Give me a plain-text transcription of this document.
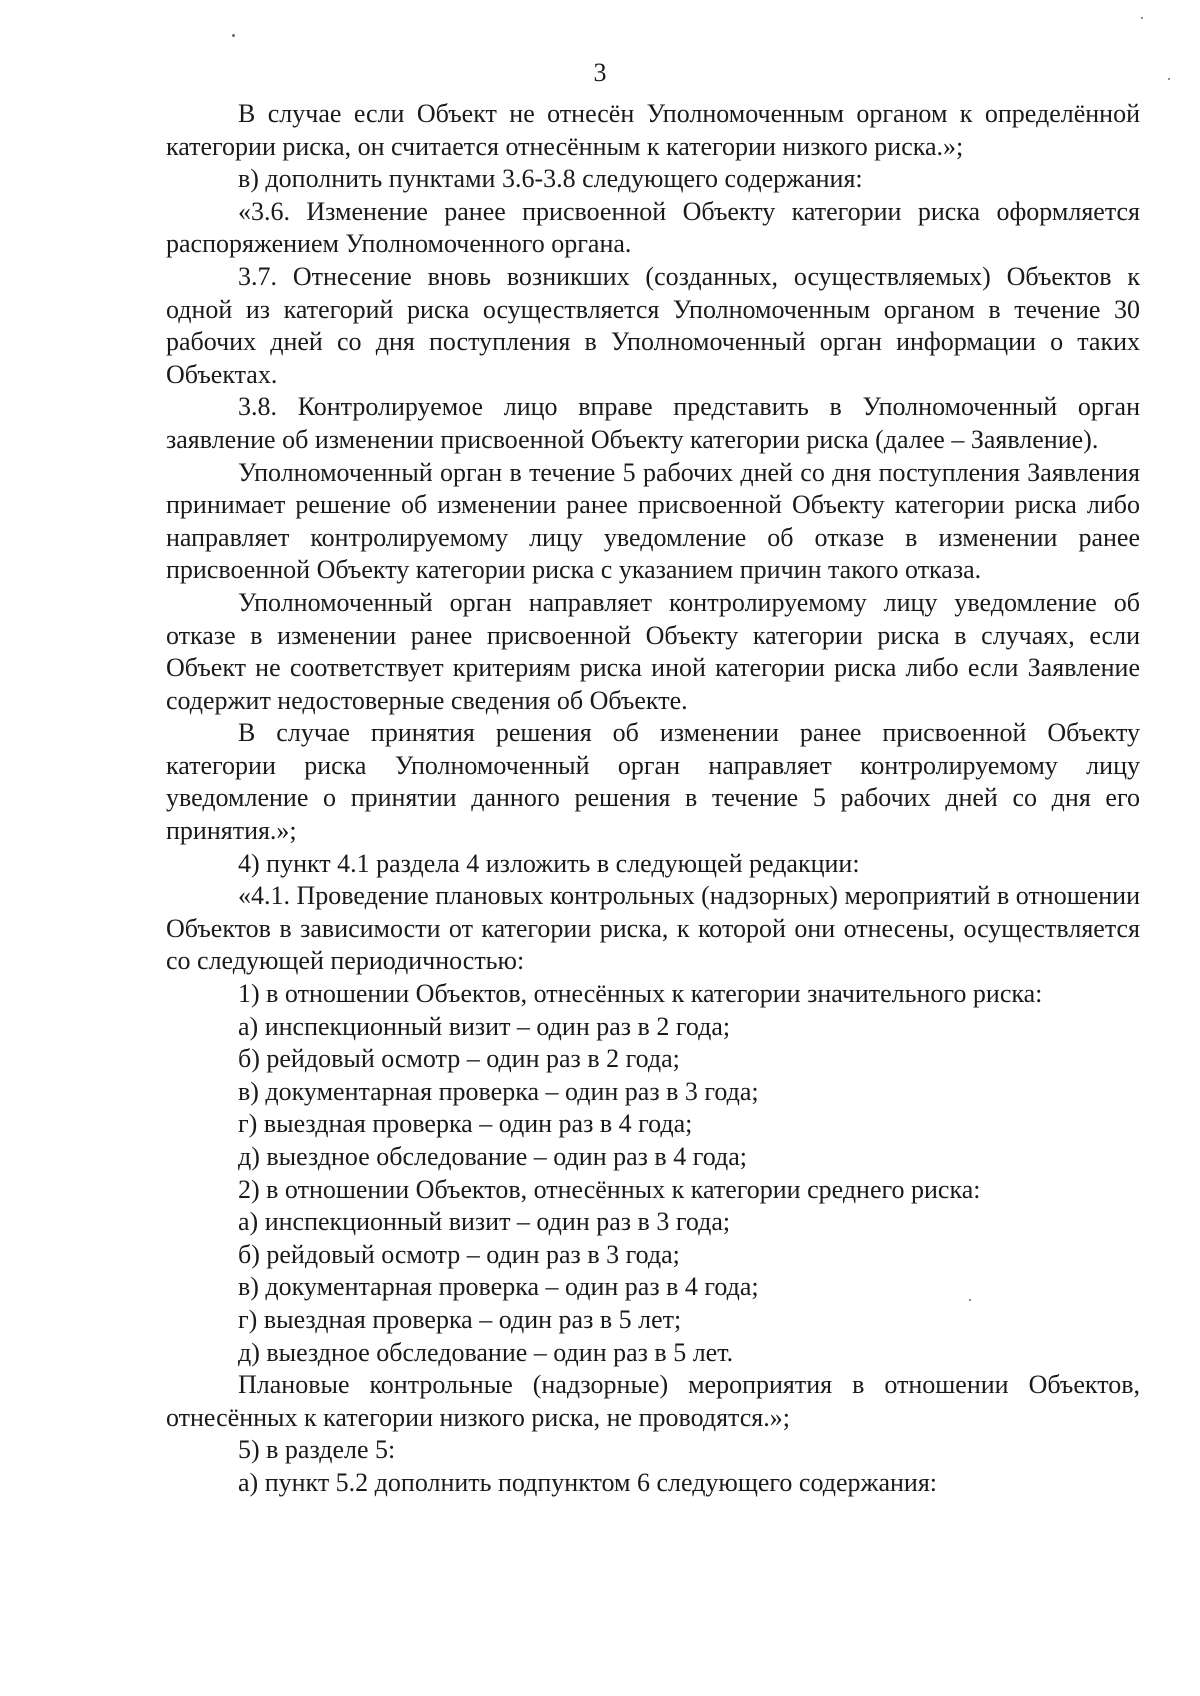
3

В случае если Объект не отнесён Уполномоченным органом к определённой категории риска, он считается отнесённым к категории низкого риска.»;

в) дополнить пунктами 3.6-3.8 следующего содержания:

«3.6. Изменение ранее присвоенной Объекту категории риска оформляется распоряжением Уполномоченного органа.

3.7. Отнесение вновь возникших (созданных, осуществляемых) Объектов к одной из категорий риска осуществляется Уполномоченным органом в течение 30 рабочих дней со дня поступления в Уполномоченный орган информации о таких Объектах.

3.8. Контролируемое лицо вправе представить в Уполномоченный орган заявление об изменении присвоенной Объекту категории риска (далее – Заявление).

Уполномоченный орган в течение 5 рабочих дней со дня поступления Заявления принимает решение об изменении ранее присвоенной Объекту категории риска либо направляет контролируемому лицу уведомление об отказе в изменении ранее присвоенной Объекту категории риска с указанием причин такого отказа.

Уполномоченный орган направляет контролируемому лицу уведомление об отказе в изменении ранее присвоенной Объекту категории риска в случаях, если Объект не соответствует критериям риска иной категории риска либо если Заявление содержит недостоверные сведения об Объекте.

В случае принятия решения об изменении ранее присвоенной Объекту категории риска Уполномоченный орган направляет контролируемому лицу уведомление о принятии данного решения в течение 5 рабочих дней со дня его принятия.»;

4) пункт 4.1 раздела 4 изложить в следующей редакции:

«4.1. Проведение плановых контрольных (надзорных) мероприятий в отношении Объектов в зависимости от категории риска, к которой они отнесены, осуществляется со следующей периодичностью:

1) в отношении Объектов, отнесённых к категории значительного риска:

а) инспекционный визит – один раз в 2 года;

б) рейдовый осмотр – один раз в 2 года;

в) документарная проверка – один раз в 3 года;

г) выездная проверка – один раз в 4 года;

д) выездное обследование – один раз в 4 года;

2) в отношении Объектов, отнесённых к категории среднего риска:

а) инспекционный визит – один раз в 3 года;

б) рейдовый осмотр – один раз в 3 года;

в) документарная проверка – один раз в 4 года;

г) выездная проверка – один раз в 5 лет;

д) выездное обследование – один раз в 5 лет.

Плановые контрольные (надзорные) мероприятия в отношении Объектов, отнесённых к категории низкого риска, не проводятся.»;

5) в разделе 5:

а) пункт 5.2 дополнить подпунктом 6 следующего содержания:
